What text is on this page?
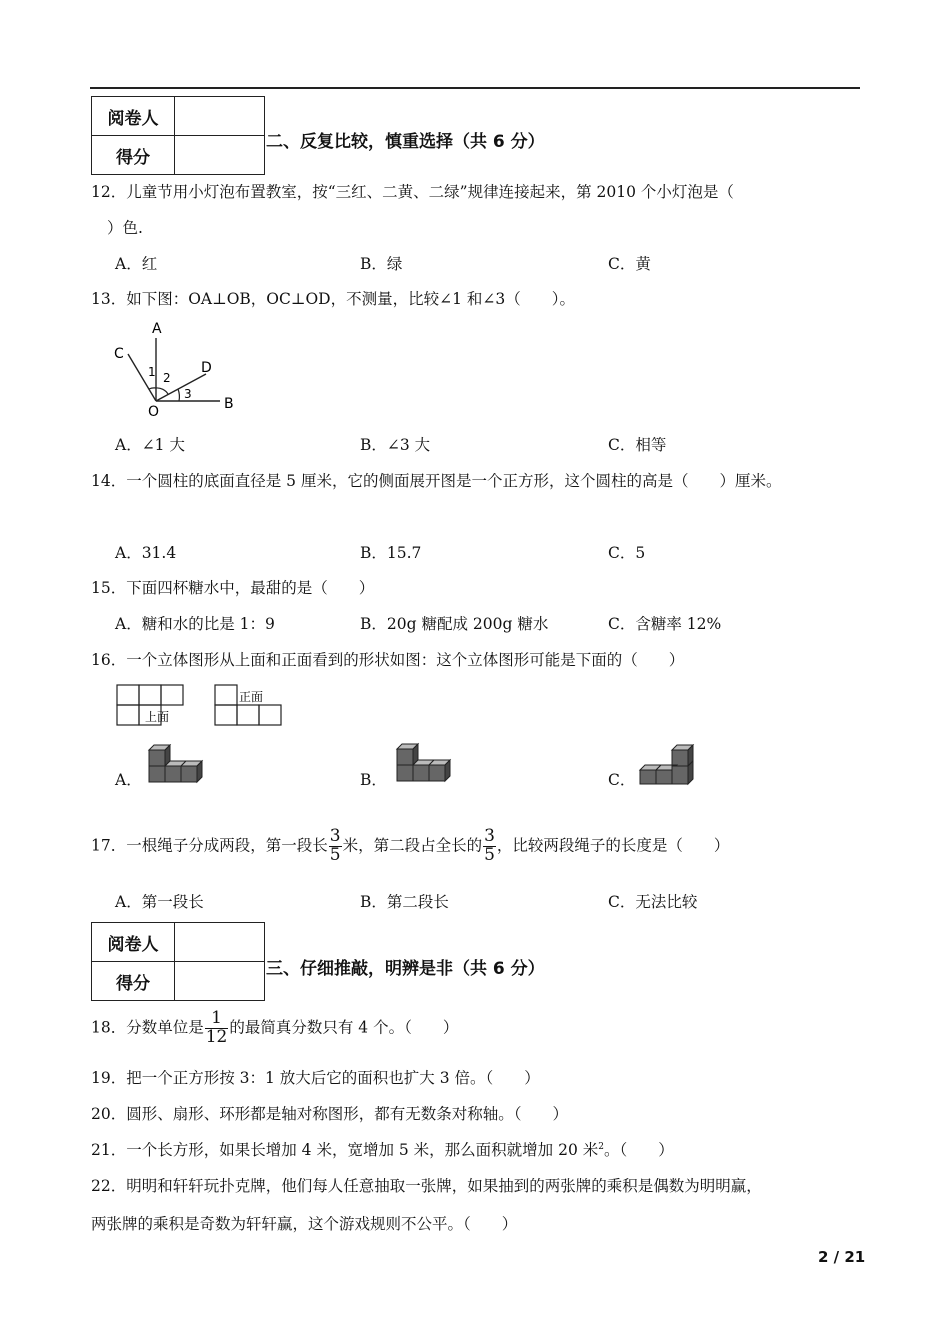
阅卷人	
得分	
二、反复比较，慎重选择（共 6 分）
12．儿童节用小灯泡布置教室，按“三红、二黄、二绿”规律连接起来，第 2010 个小灯泡是（
）色.
A．红	B．绿	C．黄
13．如下图：OA⊥OB，OC⊥OD，不测量，比较∠1 和∠3（　　）。
A
B
C
D
O
1 2
3
A．∠1 大	B．∠3 大	C．相等
14．一个圆柱的底面直径是 5 厘米，它的侧面展开图是一个正方形，这个圆柱的高是（　　）厘米。
A．31.4	B．15.7	C．5
15．下面四杯糖水中，最甜的是（　　）
A．糖和水的比是 1：9	B．20g 糖配成 200g 糖水	C．含糖率 12%
16．一个立体图形从上面和正面看到的形状如图：这个立体图形可能是下面的（　　）
上面
正面
A．	B．	C．
17．一根绳子分成两段，第一段长 $\frac{3}{5}$ 米，第二段占全长的 $\frac{3}{5}$ ，比较两段绳子的长度是（　　）
A．第一段长	B．第二段长	C．无法比较
阅卷人	
得分	
三、仔细推敲，明辨是非（共 6 分）
18．分数单位是 $\frac{1}{12}$ 的最简真分数只有 4 个。（　　）
19．把一个正方形按 3：1 放大后它的面积也扩大 3 倍。（　　）
20．圆形、扇形、环形都是轴对称图形，都有无数条对称轴。（　　）
21．一个长方形，如果长增加 4 米，宽增加 5 米，那么面积就增加 20 米$^2$。（　　）
22．明明和轩轩玩扑克牌，他们每人任意抽取一张牌，如果抽到的两张牌的乘积是偶数为明明赢，
两张牌的乘积是奇数为轩轩赢，这个游戏规则不公平。（　　）
2 / 21
